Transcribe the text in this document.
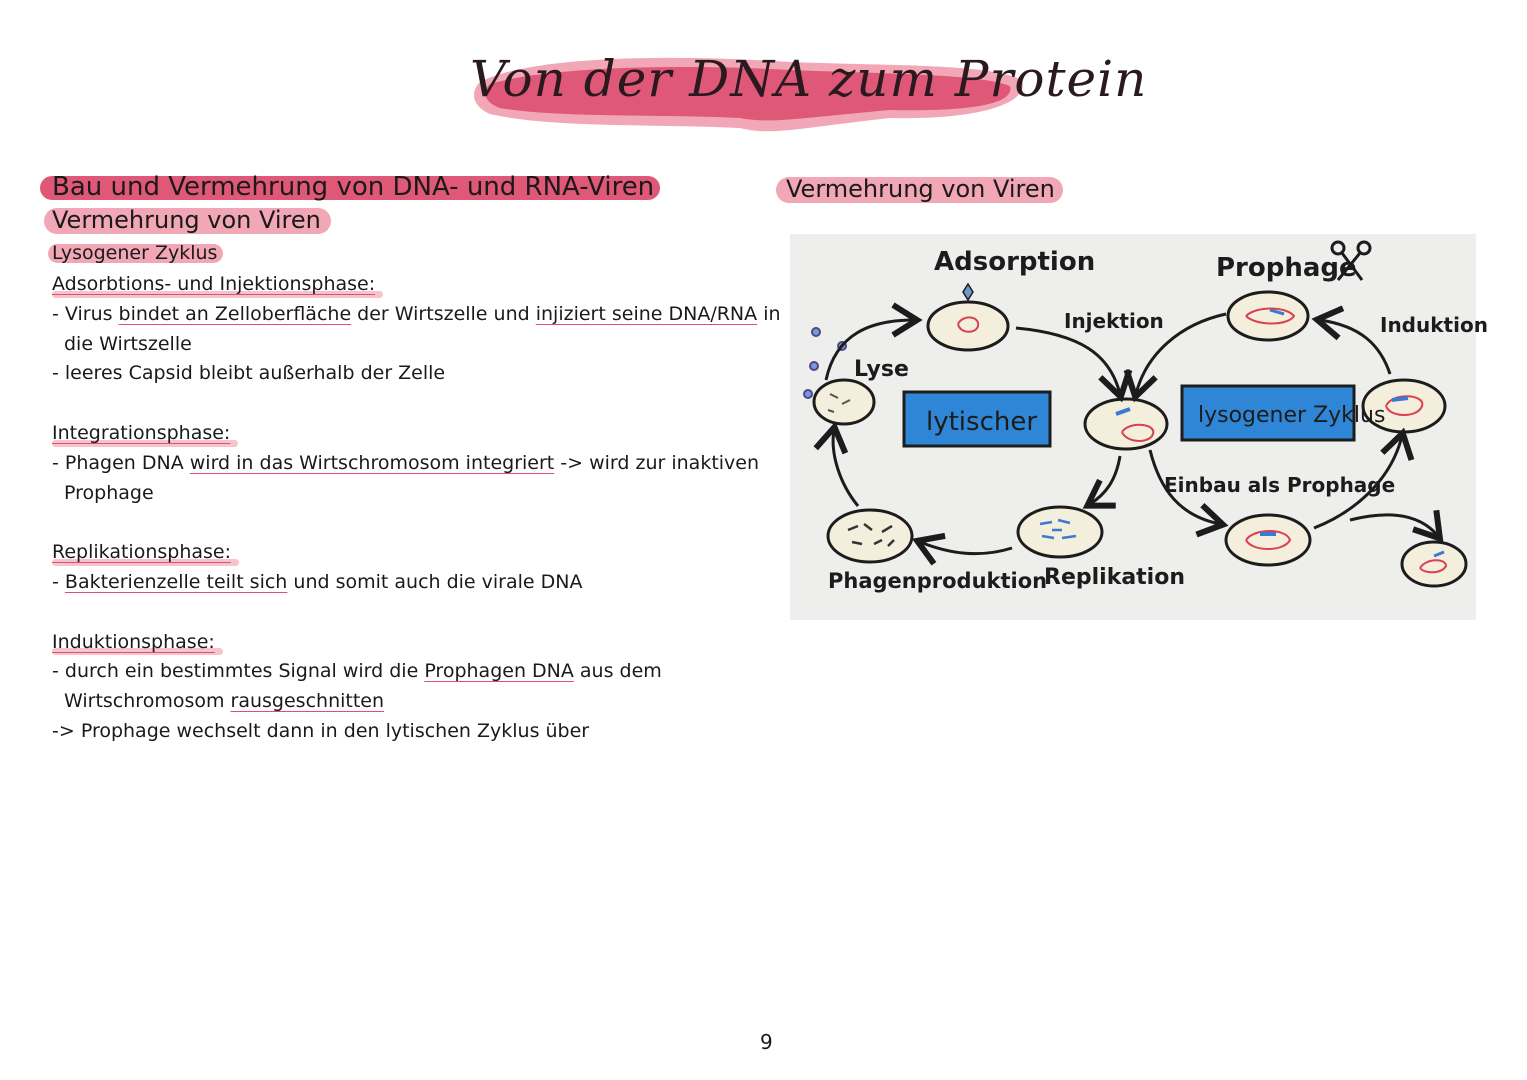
Von der DNA zum Protein
Bau und Vermehrung von DNA- und RNA-Viren
Vermehrung von Viren
Lysogener Zyklus
Adsorbtions- und Injektionsphase:
- Virus bindet an Zelloberfläche der Wirtszelle und injiziert seine DNA/RNA in
die Wirtszelle
- leeres Capsid bleibt außerhalb der Zelle
Integrationsphase:
- Phagen DNA wird in das Wirtschromosom integriert -> wird zur inaktiven
Prophage
Replikationsphase:
- Bakterienzelle teilt sich und somit auch die virale DNA
Induktionsphase:
- durch ein bestimmtes Signal wird die Prophagen DNA aus dem
Wirtschromosom rausgeschnitten
-> Prophage wechselt dann in den lytischen Zyklus über
Vermehrung von Viren
Adsorption
Injektion
Prophage
Induktion
Lyse
lytischer	lysogener Zyklus
Einbau als Prophage
Phagenproduktion
Replikation
9
